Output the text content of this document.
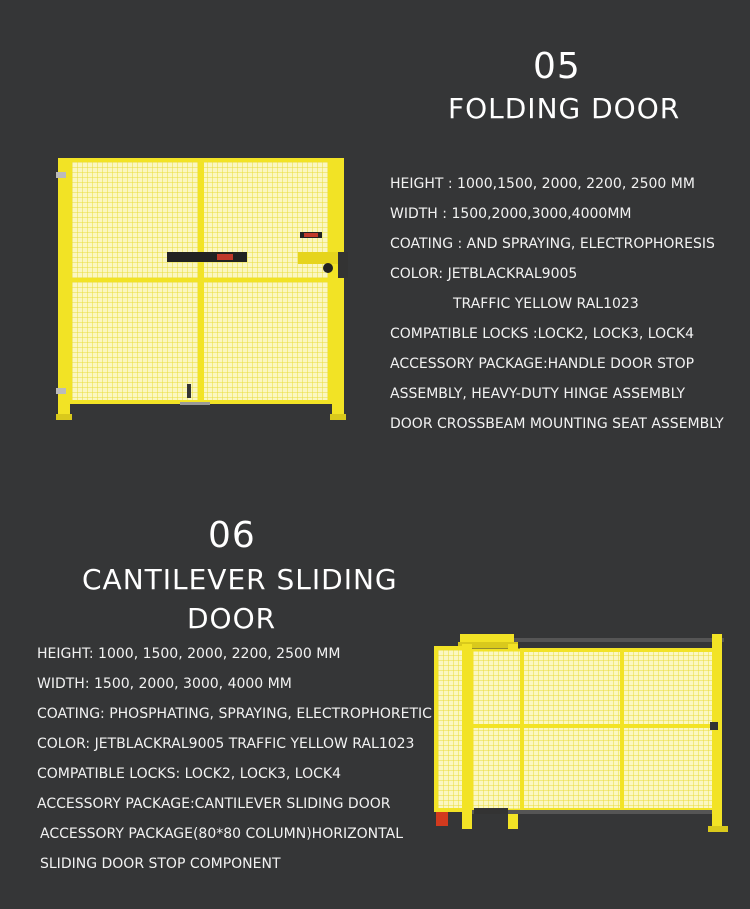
05
FOLDING DOOR
HEIGHT : 1000,1500, 2000, 2200, 2500 MM
WIDTH : 1500,2000,3000,4000MM
COATING : AND SPRAYING, ELECTROPHORESIS
COLOR: JETBLACKRAL9005
TRAFFIC YELLOW RAL1023
COMPATIBLE LOCKS :LOCK2, LOCK3, LOCK4
ACCESSORY PACKAGE:HANDLE DOOR STOP
ASSEMBLY, HEAVY-DUTY HINGE ASSEMBLY
DOOR CROSSBEAM MOUNTING SEAT ASSEMBLY
06
CANTILEVER SLIDING
DOOR
HEIGHT: 1000, 1500, 2000, 2200, 2500 MM
WIDTH: 1500, 2000, 3000, 4000 MM
COATING: PHOSPHATING, SPRAYING, ELECTROPHORETIC
COLOR: JETBLACKRAL9005 TRAFFIC YELLOW RAL1023
COMPATIBLE LOCKS: LOCK2, LOCK3, LOCK4
ACCESSORY PACKAGE:CANTILEVER SLIDING DOOR
ACCESSORY PACKAGE(80*80 COLUMN)HORIZONTAL
SLIDING DOOR STOP COMPONENT
